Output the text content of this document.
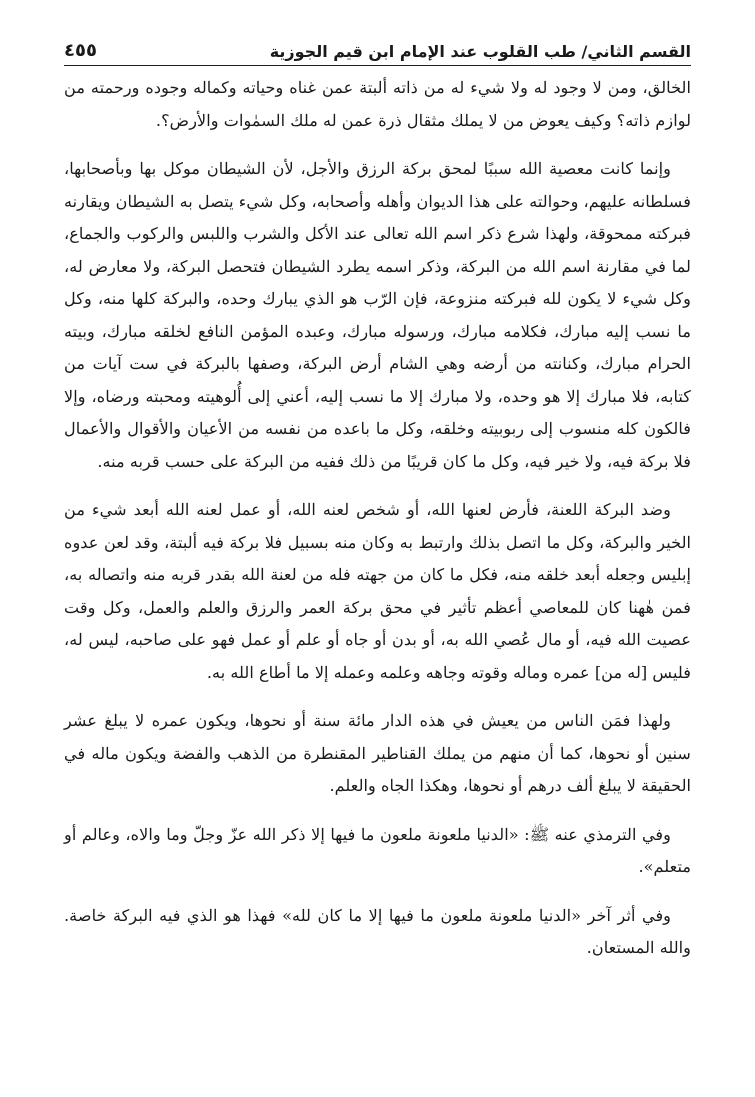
القسم الثاني/ طب القلوب عند الإمام ابن قيم الجوزية
٤٥٥

الخالق، ومن لا وجود له ولا شيء له من ذاته ألبتة عمن غناه وحياته وكماله وجوده ورحمته من لوازم ذاته؟ وكيف يعوض من لا يملك مثقال ذرة عمن له ملك السمٰوات والأرض؟.

وإنما كانت معصية الله سببًا لمحق بركة الرزق والأجل، لأن الشيطان موكل بها وبأصحابها، فسلطانه عليهم، وحوالته على هذا الديوان وأهله وأصحابه، وكل شيء يتصل به الشيطان ويقارنه فبركته ممحوقة، ولهذا شرع ذكر اسم الله تعالى عند الأكل والشرب واللبس والركوب والجماع، لما في مقارنة اسم الله من البركة، وذكر اسمه يطرد الشيطان فتحصل البركة، ولا معارض له، وكل شيء لا يكون لله فبركته منزوعة، فإن الرّب هو الذي يبارك وحده، والبركة كلها منه، وكل ما نسب إليه مبارك، فكلامه مبارك، ورسوله مبارك، وعبده المؤمن النافع لخلقه مبارك، وبيته الحرام مبارك، وكنانته من أرضه وهي الشام أرض البركة، وصفها بالبركة في ست آيات من كتابه، فلا مبارك إلا هو وحده، ولا مبارك إلا ما نسب إليه، أعني إلى أُلوهيته ومحبته ورضاه، وإلا فالكون كله منسوب إلى ربوبيته وخلقه، وكل ما باعده من نفسه من الأعيان والأقوال والأعمال فلا بركة فيه، ولا خير فيه، وكل ما كان قريبًا من ذلك ففيه من البركة على حسب قربه منه.

وضد البركة اللعنة، فأرض لعنها الله، أو شخص لعنه الله، أو عمل لعنه الله أبعد شيء من الخير والبركة، وكل ما اتصل بذلك وارتبط به وكان منه بسبيل فلا بركة فيه ألبتة، وقد لعن عدوه إبليس وجعله أبعد خلقه منه، فكل ما كان من جهته فله من لعنة الله بقدر قربه منه واتصاله به، فمن هٰهنا كان للمعاصي أعظم تأثير في محق بركة العمر والرزق والعلم والعمل، وكل وقت عصيت الله فيه، أو مال عُصي الله به، أو بدن أو جاه أو علم أو عمل فهو على صاحبه، ليس له، فليس [له من] عمره وماله وقوته وجاهه وعلمه وعمله إلا ما أطاع الله به.

ولهذا فمَن الناس من يعيش في هذه الدار مائة سنة أو نحوها، ويكون عمره لا يبلغ عشر سنين أو نحوها، كما أن منهم من يملك القناطير المقنطرة من الذهب والفضة ويكون ماله في الحقيقة لا يبلغ ألف درهم أو نحوها، وهكذا الجاه والعلم.

وفي الترمذي عنه ﷺ: «الدنيا ملعونة ملعون ما فيها إلا ذكر الله عزّ وجلّ وما والاه، وعالم أو متعلم».

وفي أثر آخر «الدنيا ملعونة ملعون ما فيها إلا ما كان لله» فهذا هو الذي فيه البركة خاصة. والله المستعان.
